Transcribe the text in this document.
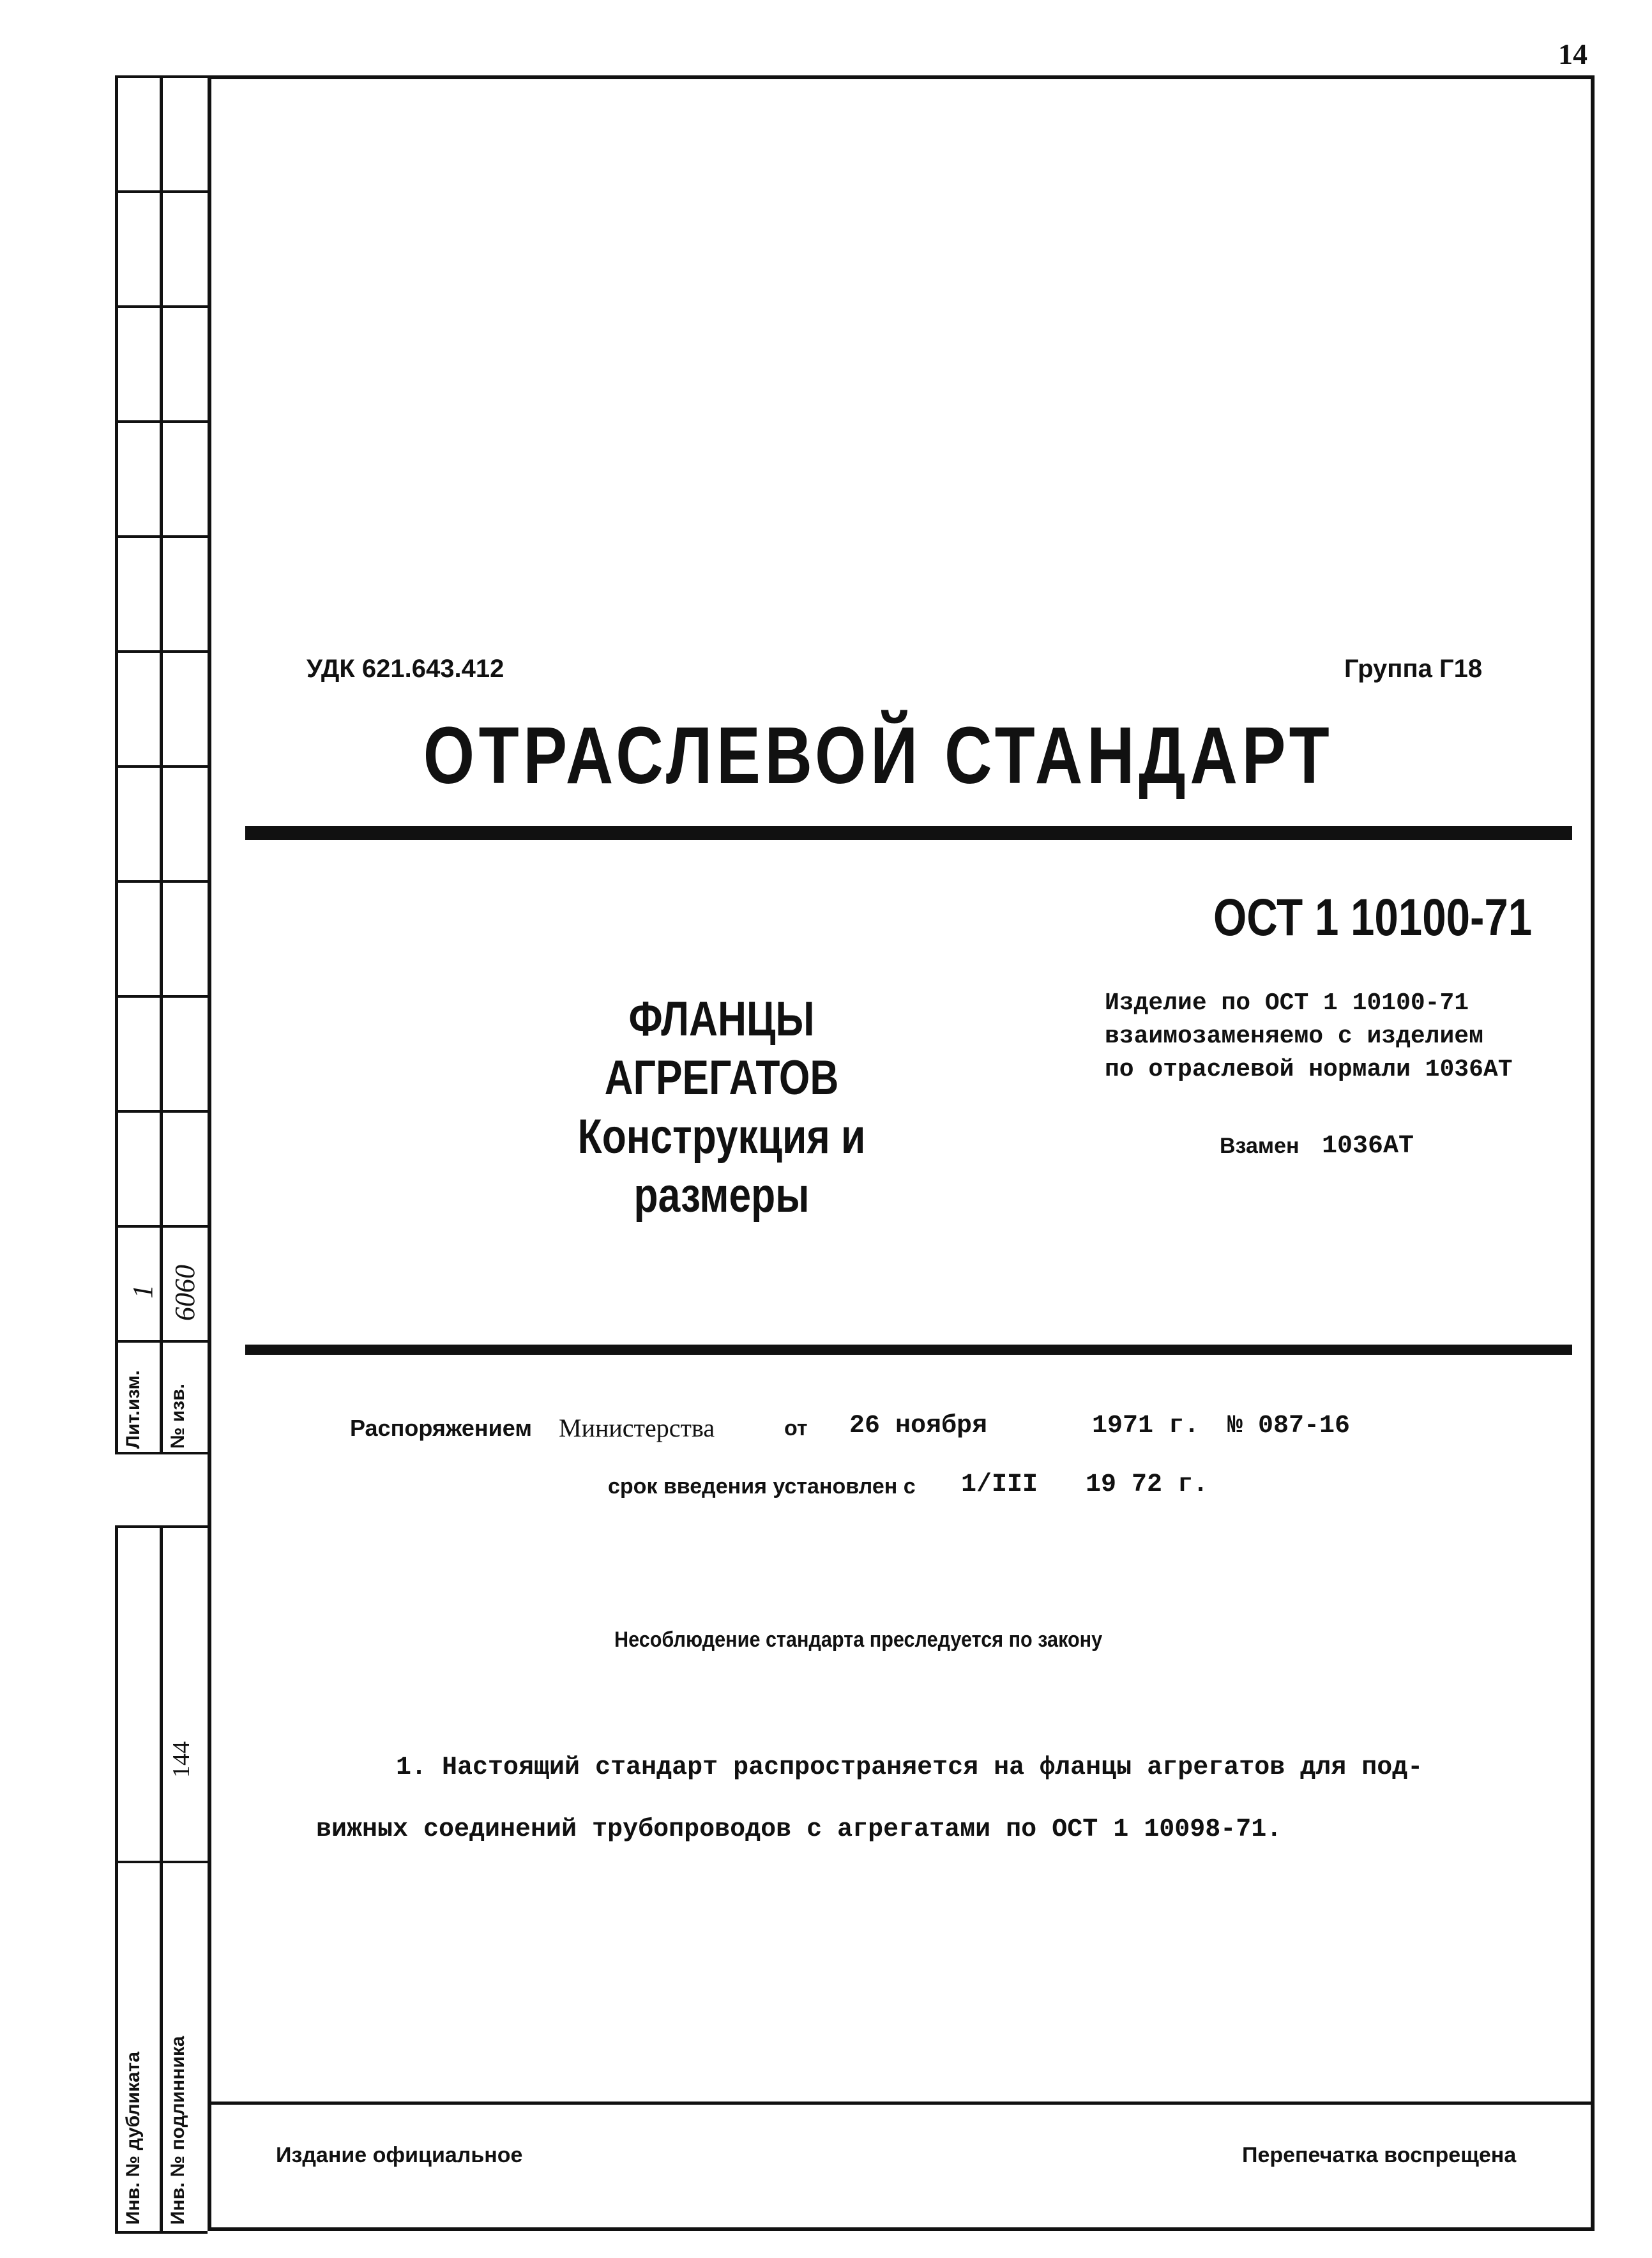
14
Лит.изм.
1
№ изв.
6060
144
Инв. № дубликата Инв. № подлинника
УДК 621.643.412	Группа Г18
ОТРАСЛЕВОЙ СТАНДАРТ
ОСТ 1 10100-71
ФЛАНЦЫ АГРЕГАТОВ
Конструкция и размеры
Изделие по ОСТ 1 10100-71
взаимозаменяемо с изделием
по отраслевой нормали 1036АТ
Взамен 1036АТ
Распоряжением Министерства	от 26 ноября	1971 г. № 087-16
срок введения установлен с 1/III 19 72 г.
Несоблюдение стандарта преследуется по закону
1. Настоящий стандарт распространяется на фланцы агрегатов для под-
вижных соединений трубопроводов с агрегатами по ОСТ 1 10098-71.
Издание официальное	Перепечатка воспрещена
